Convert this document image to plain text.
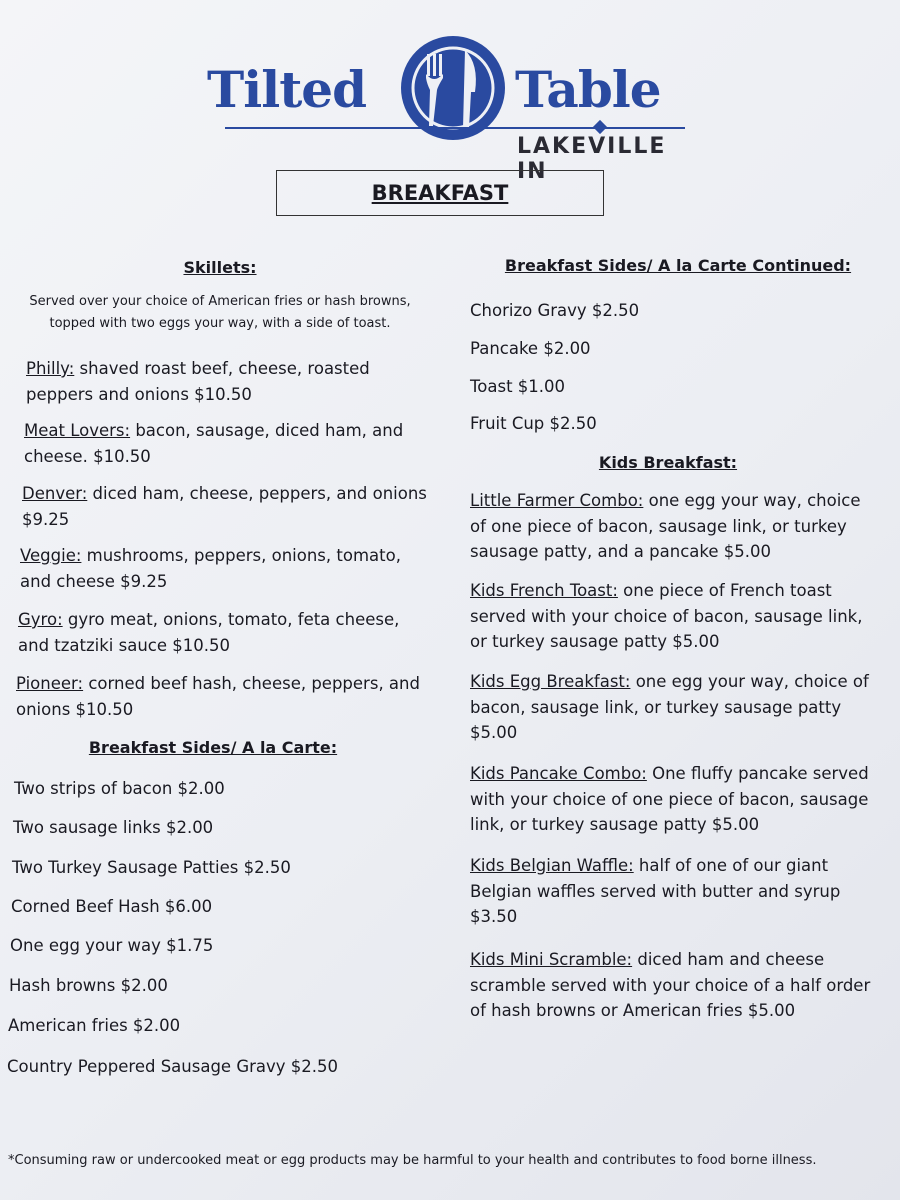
Tilted	Table
LAKEVILLE IN
BREAKFAST

Skillets:

Served over your choice of American fries or hash browns,

topped with two eggs your way, with a side of toast.

Philly: shaved roast beef, cheese, roasted

peppers and onions $10.50

Meat Lovers: bacon, sausage, diced ham, and

cheese. $10.50

Denver: diced ham, cheese, peppers, and onions

$9.25

Veggie: mushrooms, peppers, onions, tomato,

and cheese $9.25

Gyro: gyro meat, onions, tomato, feta cheese,

and tzatziki sauce $10.50

Pioneer: corned beef hash, cheese, peppers, and

onions $10.50

Breakfast Sides/ A la Carte:

Two strips of bacon $2.00

Two sausage links $2.00

Two Turkey Sausage Patties $2.50

Corned Beef Hash $6.00

One egg your way $1.75

Hash browns $2.00

American fries $2.00

Country Peppered Sausage Gravy $2.50

Breakfast Sides/ A la Carte Continued:

Chorizo Gravy $2.50

Pancake $2.00

Toast $1.00

Fruit Cup $2.50

Kids Breakfast:

Little Farmer Combo: one egg your way, choice

of one piece of bacon, sausage link, or turkey

sausage patty, and a pancake $5.00

Kids French Toast: one piece of French toast

served with your choice of bacon, sausage link,

or turkey sausage patty $5.00

Kids Egg Breakfast: one egg your way, choice of

bacon, sausage link, or turkey sausage patty

$5.00

Kids Pancake Combo: One fluffy pancake served

with your choice of one piece of bacon, sausage

link, or turkey sausage patty $5.00

Kids Belgian Waffle: half of one of our giant

Belgian waffles served with butter and syrup

$3.50

Kids Mini Scramble: diced ham and cheese

scramble served with your choice of a half order

of hash browns or American fries $5.00

*Consuming raw or undercooked meat or egg products may be harmful to your health and contributes to food borne illness.
